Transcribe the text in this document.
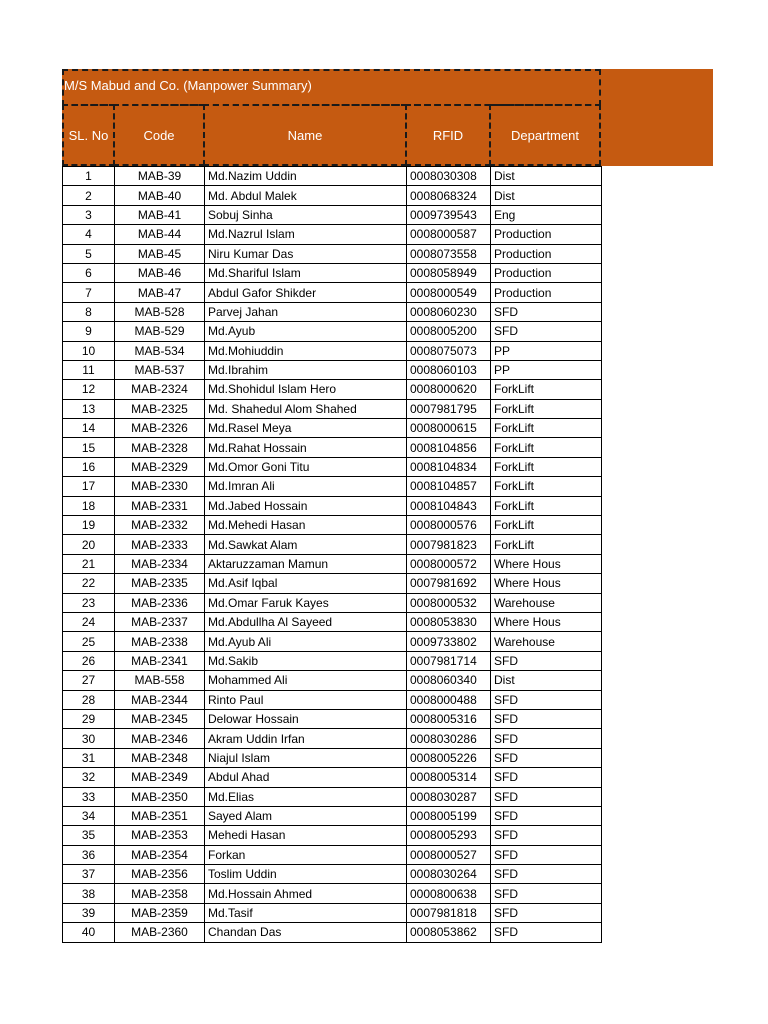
M/S Mabud and Co. (Manpower Summary)
SL. No	Code	Name	RFID	Department
1	MAB-39	Md.Nazim Uddin	0008030308	Dist
2	MAB-40	Md. Abdul Malek	0008068324	Dist
3	MAB-41	Sobuj Sinha	0009739543	Eng
4	MAB-44	Md.Nazrul Islam	0008000587	Production
5	MAB-45	Niru Kumar Das	0008073558	Production
6	MAB-46	Md.Shariful Islam	0008058949	Production
7	MAB-47	Abdul Gafor Shikder	0008000549	Production
8	MAB-528	Parvej Jahan	0008060230	SFD
9	MAB-529	Md.Ayub	0008005200	SFD
10	MAB-534	Md.Mohiuddin	0008075073	PP
11	MAB-537	Md.Ibrahim	0008060103	PP
12	MAB-2324	Md.Shohidul Islam Hero	0008000620	ForkLift
13	MAB-2325	Md. Shahedul Alom Shahed	0007981795	ForkLift
14	MAB-2326	Md.Rasel Meya	0008000615	ForkLift
15	MAB-2328	Md.Rahat Hossain	0008104856	ForkLift
16	MAB-2329	Md.Omor Goni Titu	0008104834	ForkLift
17	MAB-2330	Md.Imran Ali	0008104857	ForkLift
18	MAB-2331	Md.Jabed Hossain	0008104843	ForkLift
19	MAB-2332	Md.Mehedi Hasan	0008000576	ForkLift
20	MAB-2333	Md.Sawkat Alam	0007981823	ForkLift
21	MAB-2334	Aktaruzzaman Mamun	0008000572	Where Hous
22	MAB-2335	Md.Asif Iqbal	0007981692	Where Hous
23	MAB-2336	Md.Omar Faruk Kayes	0008000532	Warehouse
24	MAB-2337	Md.Abdullha Al Sayeed	0008053830	Where Hous
25	MAB-2338	Md.Ayub Ali	0009733802	Warehouse
26	MAB-2341	Md.Sakib	0007981714	SFD
27	MAB-558	Mohammed Ali	0008060340	Dist
28	MAB-2344	Rinto Paul	0008000488	SFD
29	MAB-2345	Delowar Hossain	0008005316	SFD
30	MAB-2346	Akram Uddin Irfan	0008030286	SFD
31	MAB-2348	Niajul Islam	0008005226	SFD
32	MAB-2349	Abdul Ahad	0008005314	SFD
33	MAB-2350	Md.Elias	0008030287	SFD
34	MAB-2351	Sayed Alam	0008005199	SFD
35	MAB-2353	Mehedi Hasan	0008005293	SFD
36	MAB-2354	Forkan	0008000527	SFD
37	MAB-2356	Toslim Uddin	0008030264	SFD
38	MAB-2358	Md.Hossain Ahmed	0000800638	SFD
39	MAB-2359	Md.Tasif	0007981818	SFD
40	MAB-2360	Chandan Das	0008053862	SFD
